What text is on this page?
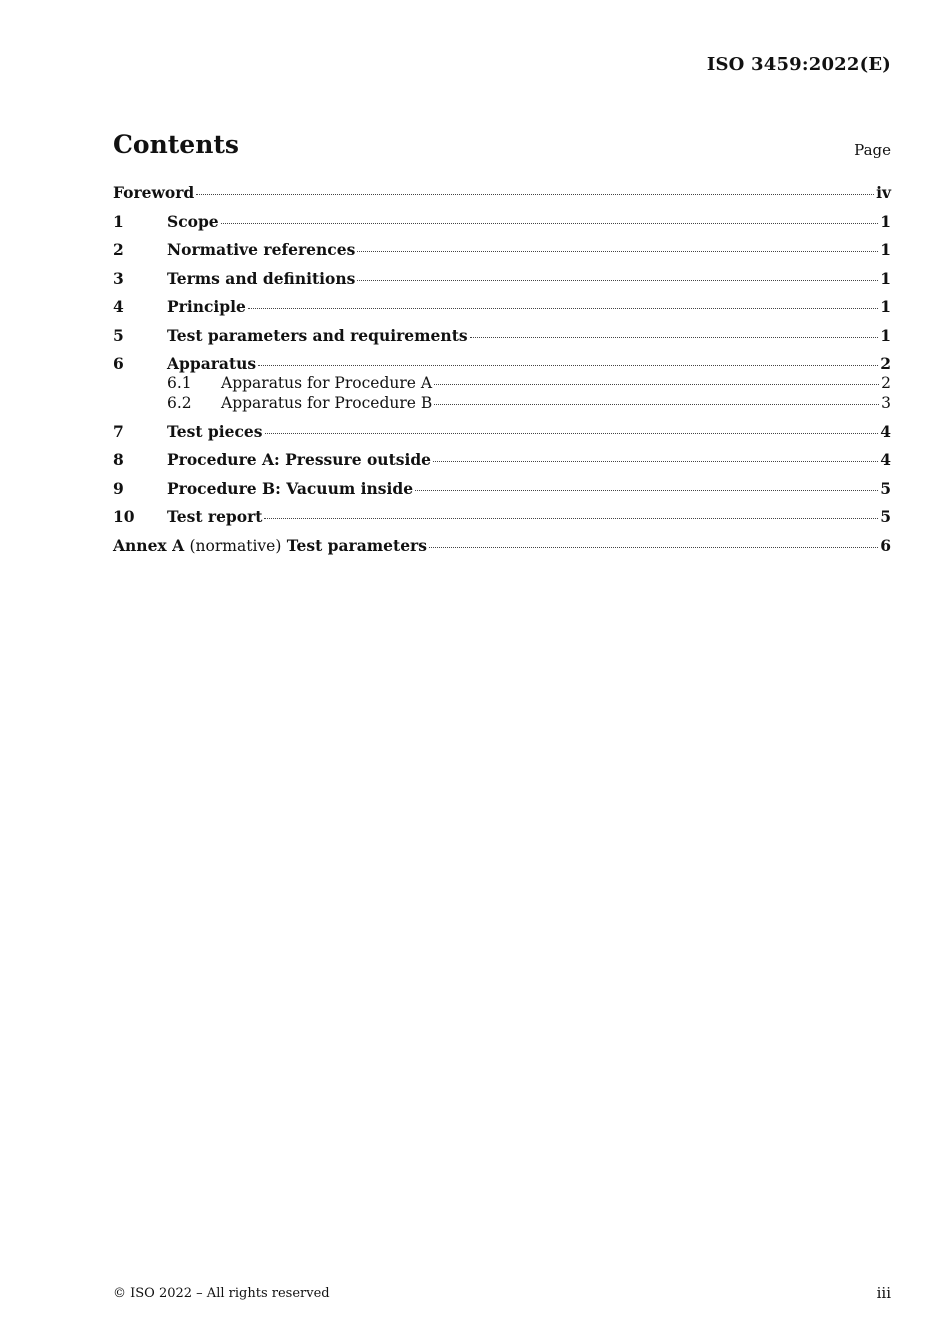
ISO 3459:2022(E)
Contents	Page
Foreword	iv
1	Scope	1
2	Normative references	1
3	Terms and definitions	1
4	Principle	1
5	Test parameters and requirements	1
6	Apparatus	2
6.1	Apparatus for Procedure A	2
6.2	Apparatus for Procedure B	3
7	Test pieces	4
8	Procedure A: Pressure outside	4
9	Procedure B: Vacuum inside	5
10	Test report	5
Annex A (normative) Test parameters	6
© ISO 2022 – All rights reserved	iii
